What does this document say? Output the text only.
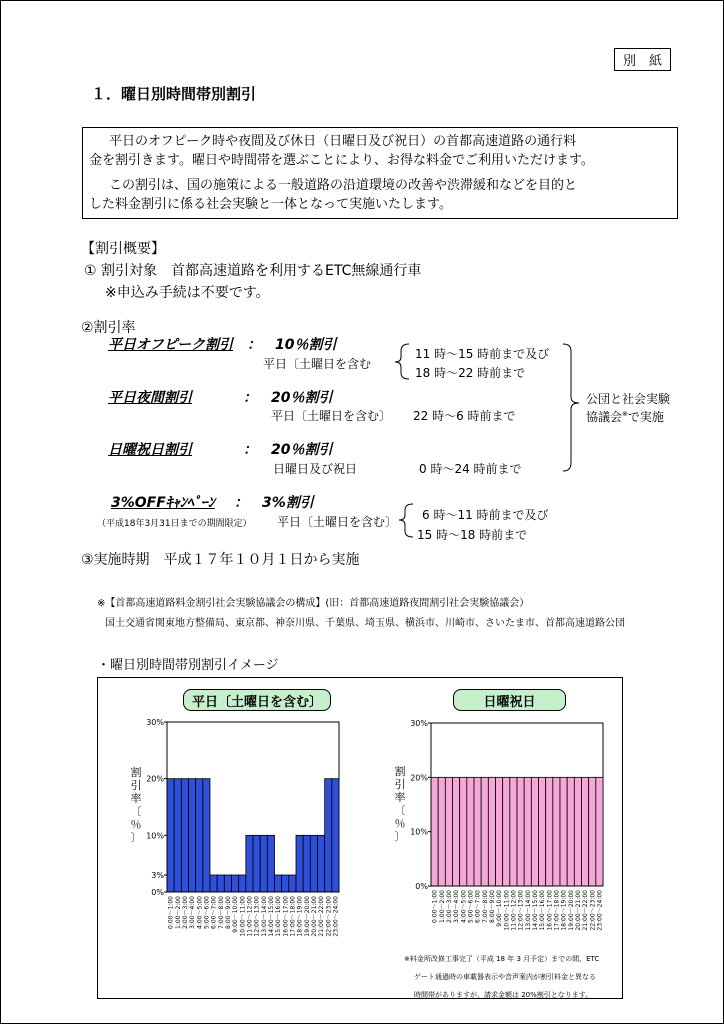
別　紙
１．曜日別時間帯別割引

平日のオフピーク時や夜間及び休日（日曜日及び祝日）の首都高速道路の通行料

金を割引きます。曜日や時間帯を選ぶことにより、お得な料金でご利用いただけます。

この割引は、国の施策による一般道路の沿道環境の改善や渋滞緩和などを目的と

した料金割引に係る社会実験と一体となって実施いたします。

【割引概要】
① 割引対象　首都高速道路を利用するETC無線通行車
※申込み手続は不要です。
②割引率
平日オフピーク割引 ：　10％割引
平日〔土曜日を含む
11 時～15 時前まで及び
18 時～22 時前まで
平日夜間割引	：　20％割引
平日〔土曜日を含む〕 22 時～6 時前まで
日曜祝日割引	：　20％割引
日曜日及び祝日	0 時～24 時前まで
公団と社会実験
協議会※で実施
3%OFFｷｬﾝﾍﾟｰﾝ ：　3%割引
（平成18年3月31日までの期間限定） 平日〔土曜日を含む〕 6 時～11 時前まで及び
15 時～18 時前まで
③実施時期　平成１７年１０月１日から実施
※【首都高速道路料金割引社会実験協議会の構成】(旧：首都高速道路夜間割引社会実験協議会）
国土交通省関東地方整備局、東京都、神奈川県、千葉県、埼玉県、横浜市、川崎市、さいたま市、首都高速道路公団
・曜日別時間帯別割引イメージ
平日〔土曜日を含む〕	日曜祝日
30%
20%
10%
3%
0%
割
引
率
〔
％
〕
0:00～1:00 1:00～2:00 2:00～3:00 3:00～4:00 4:00～5:00 5:00～6:00 6:00～7:00 7:00～8:00 8:00～9:00 9:00～10:00 10:00～11:00 11:00～12:00 12:00～13:00 13:00～14:00 14:00～15:00 15:00～16:00 16:00～17:00 17:00～18:00 18:00～19:00 19:00～20:00 20:00～21:00 21:00～22:00 22:00～23:00 23:00～24:00
30%
20%
10%
0%
割
引
率
〔
％
〕
0:00～1:00 1:00～2:00 2:00～3:00 3:00～4:00 4:00～5:00 5:00～6:00 6:00～7:00 7:00～8:00 8:00～9:00 9:00～10:00 10:00～11:00 11:00～12:00 12:00～13:00 13:00～14:00 14:00～15:00 15:00～16:00 16:00～17:00 17:00～18:00 18:00～19:00 19:00～20:00 20:00～21:00 21:00～22:00 22:00～23:00 23:00～24:00
※料金所改修工事完了（平成 18 年 3 月予定）までの間、ETC
ゲート通過時の車載器表示や音声案内が割引料金と異なる
時間帯がありますが、請求金額は 20%割引となります。
